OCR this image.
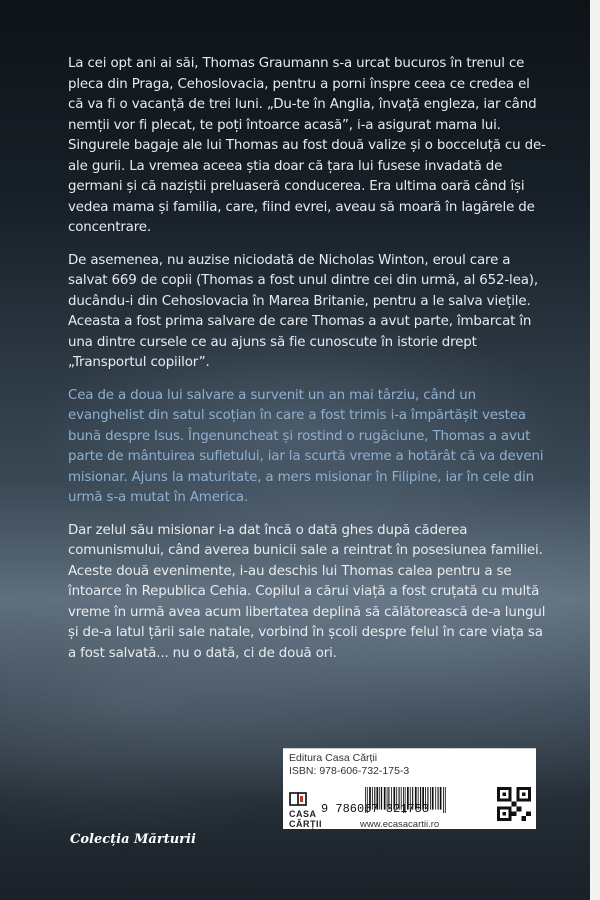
La cei opt ani ai săi, Thomas Graumann s-a urcat bucuros în trenul ce pleca din Praga, Cehoslovacia, pentru a porni înspre ceea ce credea el că va fi o vacanță de trei luni. „Du-te în Anglia, învață engleza, iar când nemții vor fi plecat, te poți întoarce acasă”, i-a asigurat mama lui. Singurele bagaje ale lui Thomas au fost două valize și o bocceluță cu de-ale gurii. La vremea aceea știa doar că țara lui fusese invadată de germani și că naziștii preluaseră conducerea. Era ultima oară când își vedea mama și familia, care, fiind evrei, aveau să moară în lagărele de concentrare.

De asemenea, nu auzise niciodată de Nicholas Winton, eroul care a salvat 669 de copii (Thomas a fost unul dintre cei din urmă, al 652-lea), ducându-i din Cehoslovacia în Marea Britanie, pentru a le salva viețile. Aceasta a fost prima salvare de care Thomas a avut parte, îmbarcat în una dintre cursele ce au ajuns să fie cunoscute în istorie drept „Transportul copiilor”.

Cea de a doua lui salvare a survenit un an mai târziu, când un evanghelist din satul scoțian în care a fost trimis i-a împărtășit vestea bună despre Isus. Îngenuncheat și rostind o rugăciune, Thomas a avut parte de mântuirea sufletului, iar la scurtă vreme a hotărât că va deveni misionar. Ajuns la maturitate, a mers misionar în Filipine, iar în cele din urmă s-a mutat în America.

Dar zelul său misionar i-a dat încă o dată ghes după căderea comunismului, când averea bunicii sale a reintrat în posesiunea familiei. Aceste două evenimente, i-au deschis lui Thomas calea pentru a se întoarce în Republica Cehia. Copilul a cărui viață a fost cruțată cu multă vreme în urmă avea acum libertatea deplină să călătorească de-a lungul și de-a latul țării sale natale, vorbind în școli despre felul în care viața sa a fost salvată... nu o dată, ci de două ori.

Colecția Mărturii
Editura Casa Cărții
ISBN: 978-606-732-175-3
CASA
CĂRȚII
9 786067 321753
www.ecasacartii.ro
